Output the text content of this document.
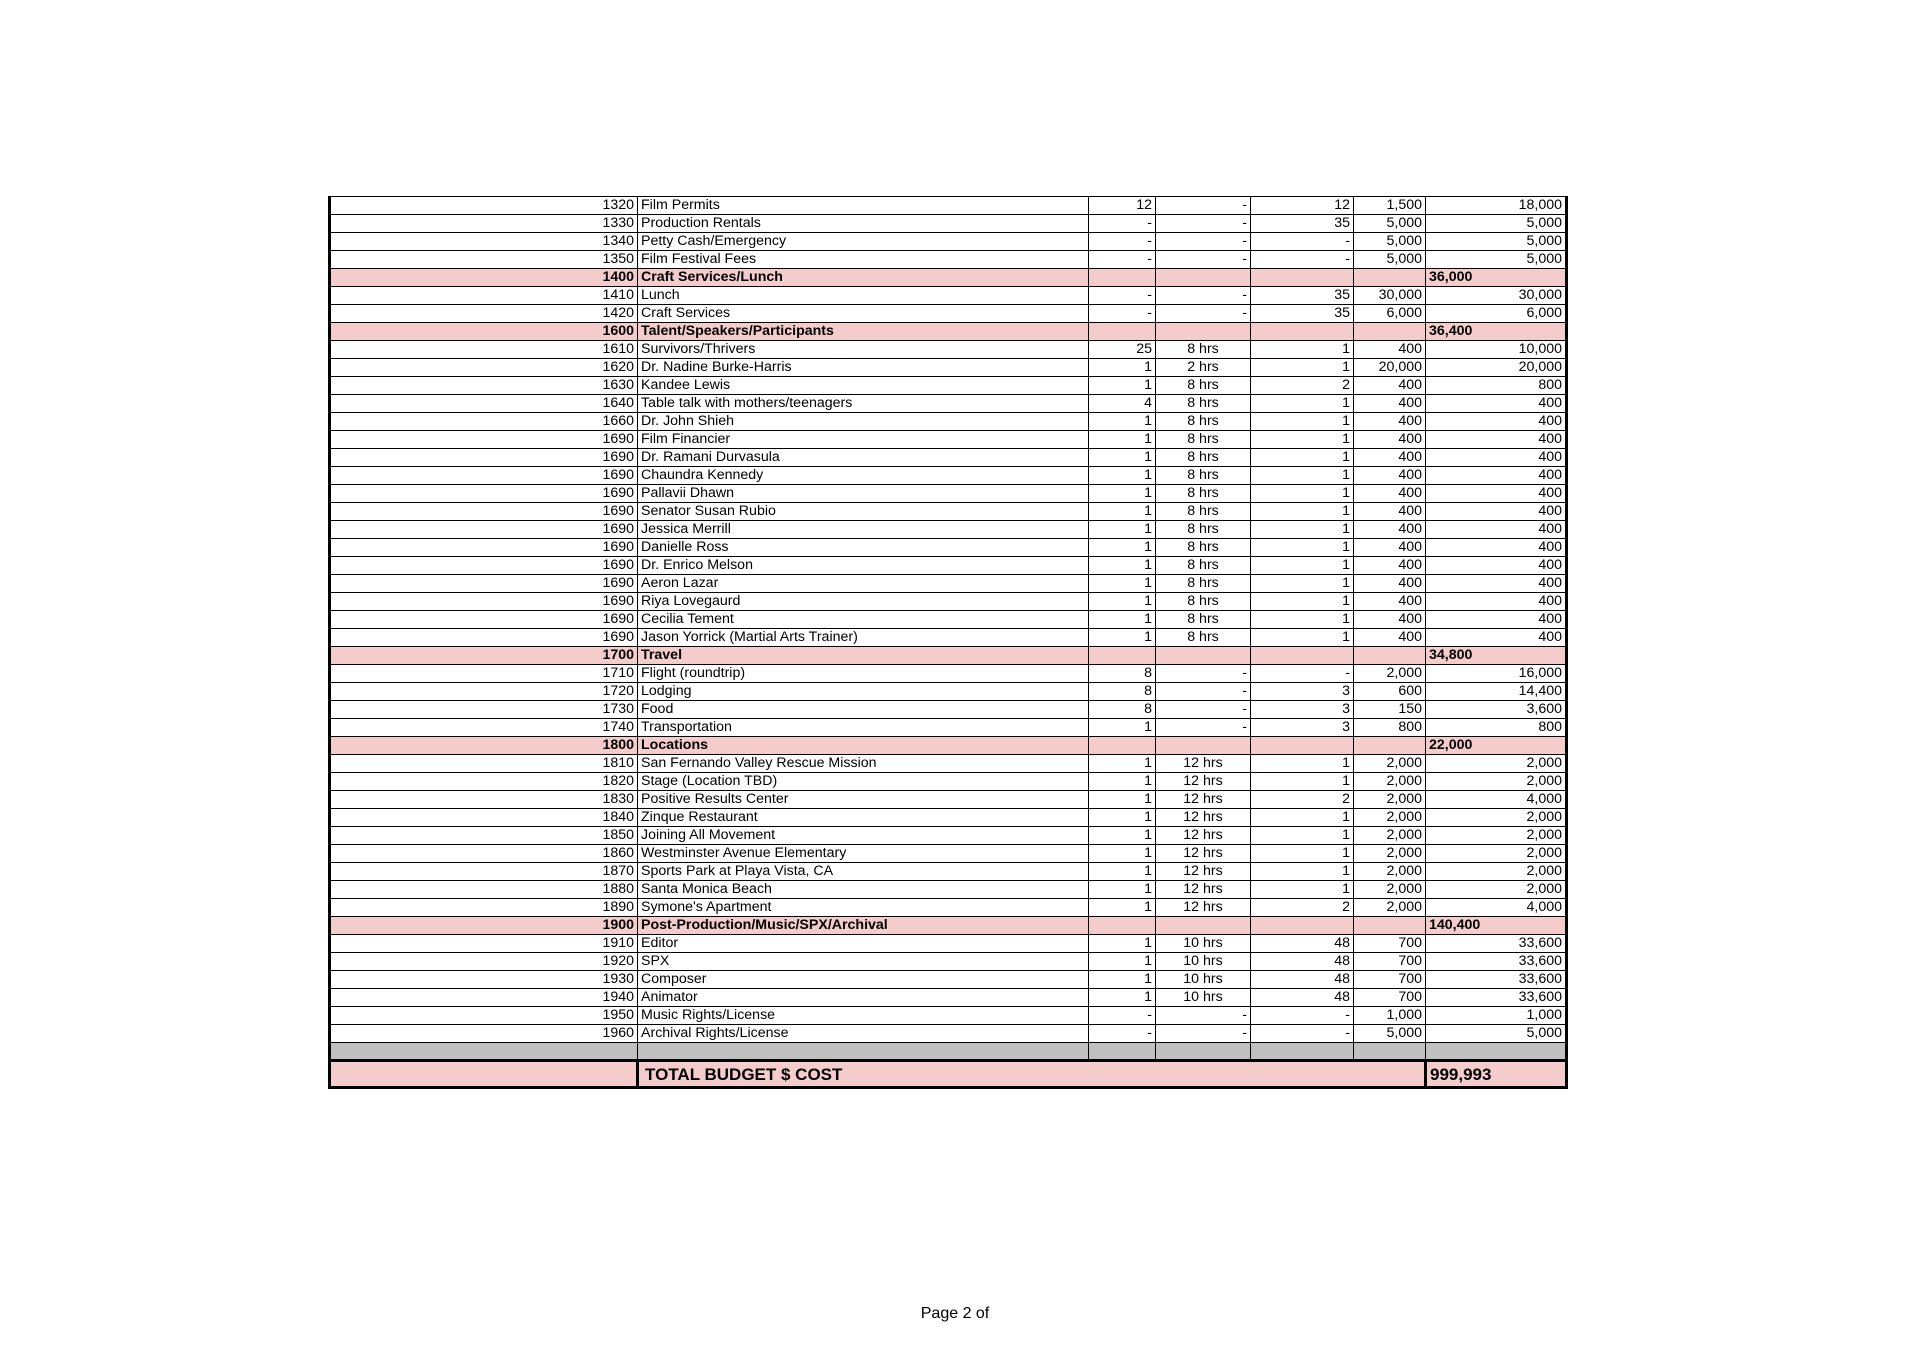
1320	Film Permits	12	-	12	1,500	18,000
1330	Production Rentals	-	-	35	5,000	5,000
1340	Petty Cash/Emergency	-	-	-	5,000	5,000
1350	Film Festival Fees	-	-	-	5,000	5,000
1400	Craft Services/Lunch					36,000
1410	Lunch	-	-	35	30,000	30,000
1420	Craft Services	-	-	35	6,000	6,000
1600	Talent/Speakers/Participants					36,400
1610	Survivors/Thrivers	25	8 hrs	1	400	10,000
1620	Dr. Nadine Burke-Harris	1	2 hrs	1	20,000	20,000
1630	Kandee Lewis	1	8 hrs	2	400	800
1640	Table talk with mothers/teenagers	4	8 hrs	1	400	400
1660	Dr. John Shieh	1	8 hrs	1	400	400
1690	Film Financier	1	8 hrs	1	400	400
1690	Dr. Ramani Durvasula	1	8 hrs	1	400	400
1690	Chaundra Kennedy	1	8 hrs	1	400	400
1690	Pallavii Dhawn	1	8 hrs	1	400	400
1690	Senator Susan Rubio	1	8 hrs	1	400	400
1690	Jessica Merrill	1	8 hrs	1	400	400
1690	Danielle Ross	1	8 hrs	1	400	400
1690	Dr. Enrico Melson	1	8 hrs	1	400	400
1690	Aeron Lazar	1	8 hrs	1	400	400
1690	Riya Lovegaurd	1	8 hrs	1	400	400
1690	Cecilia Tement	1	8 hrs	1	400	400
1690	Jason Yorrick (Martial Arts Trainer)	1	8 hrs	1	400	400
1700	Travel					34,800
1710	Flight (roundtrip)	8	-	-	2,000	16,000
1720	Lodging	8	-	3	600	14,400
1730	Food	8	-	3	150	3,600
1740	Transportation	1	-	3	800	800
1800	Locations					22,000
1810	San Fernando Valley Rescue Mission	1	12 hrs	1	2,000	2,000
1820	Stage (Location TBD)	1	12 hrs	1	2,000	2,000
1830	Positive Results Center	1	12 hrs	2	2,000	4,000
1840	Zinque Restaurant	1	12 hrs	1	2,000	2,000
1850	Joining All Movement	1	12 hrs	1	2,000	2,000
1860	Westminster Avenue Elementary	1	12 hrs	1	2,000	2,000
1870	Sports Park at Playa Vista, CA	1	12 hrs	1	2,000	2,000
1880	Santa Monica Beach	1	12 hrs	1	2,000	2,000
1890	Symone's Apartment	1	12 hrs	2	2,000	4,000
1900	Post-Production/Music/SPX/Archival					140,400
1910	Editor	1	10 hrs	48	700	33,600
1920	SPX	1	10 hrs	48	700	33,600
1930	Composer	1	10 hrs	48	700	33,600
1940	Animator	1	10 hrs	48	700	33,600
1950	Music Rights/License	-	-	-	1,000	1,000
1960	Archival Rights/License	-	-	-	5,000	5,000

	TOTAL BUDGET $ COST					999,993
Page 2 of
